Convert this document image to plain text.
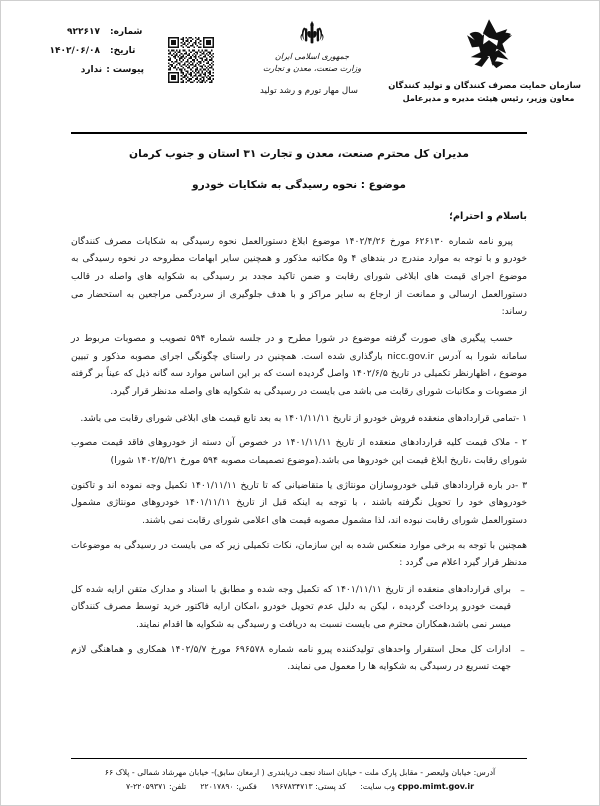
سازمان حمایت مصرف کنندگان و تولید کنندگان
معاون وزیر، رئیس هیئت مدیره و مدیرعامل
جمهوری اسلامی ایران
وزارت صنعت، معدن و تجارت
سال مهار تورم و رشد تولید
شماره:
۹۲۲۶۱۷
تاریخ:
۱۴۰۲/۰۶/۰۸
پیوست :
ندارد
مدیران کل محترم صنعت، معدن و تجارت ۳۱ استان و جنوب کرمان
موضوع : نحوه رسیدگی به شکایات خودرو
باسلام و احترام؛

پیرو نامه شماره ۶۲۶۱۳۰ مورخ ۱۴۰۲/۴/۲۶ موضوع ابلاغ دستورالعمل نحوه رسیدگی به شکایات مصرف کنندگان خودرو و با توجه به موارد مندرج در بندهای ۴ و۵ مکاتبه مذکور و همچنین سایر ابهامات مطروحه در نحوه رسیدگی به موضوع اجرای قیمت های ابلاغی شورای رقابت و ضمن تاکید مجدد بر رسیدگی به شکوایه های واصله در قالب دستورالعمل ارسالی و ممانعت از ارجاع به سایر مراکز و با هدف جلوگیری از سردرگمی مراجعین به استحضار می رساند:

حسب پیگیری های صورت گرفته موضوع در شورا مطرح و در جلسه شماره ۵۹۴ تصویب و مصوبات مربوط در سامانه شورا به آدرس nicc.gov.ir بارگذاری شده است. همچنین در راستای چگونگی اجرای مصوبه مذکور و تبیین موضوع ، اظهارنظر تکمیلی در تاریخ ۱۴۰۲/۶/۵ واصل گردیده است که بر این اساس موارد سه گانه ذیل که عیناً بر گرفته از مصوبات و مکاتبات شورای رقابت می باشد می بایست در رسیدگی به شکوایه های واصله مدنظر قرار گیرد.

۱ -تمامی قراردادهای منعقده فروش خودرو از تاریخ ۱۴۰۱/۱۱/۱۱ به بعد تابع قیمت های ابلاغی شورای رقابت می باشد.

۲ - ملاک قیمت کلیه قراردادهای منعقده از تاریخ ۱۴۰۱/۱۱/۱۱ در خصوص آن دسته از خودروهای فاقد قیمت مصوب شورای رقابت ،تاریخ ابلاغ قیمت این خودروها می باشد.(موضوع تصمیمات مصوبه ۵۹۴ مورخ ۱۴۰۲/۵/۲۱ شورا)

۳ -در باره قراردادهای قبلی خودروسازان مونتاژی یا متقاضیانی که تا تاریخ ۱۴۰۱/۱۱/۱۱ تکمیل وجه نموده اند و تاکنون خودروهای خود را تحویل نگرفته باشند ، با توجه به اینکه قبل از تاریخ ۱۴۰۱/۱۱/۱۱ خودروهای مونتاژی مشمول دستورالعمل شورای رقابت نبوده اند، لذا مشمول مصوبه قیمت های اعلامی شورای رقابت نمی باشند.

همچنین با توجه به برخی موارد منعکس شده به این سازمان، نکات تکمیلی زیر که می بایست در رسیدگی به موضوعات مدنظر قرار گیرد اعلام می گردد :

–
برای قراردادهای منعقده از تاریخ ۱۴۰۱/۱۱/۱۱ که تکمیل وجه شده و مطابق با اسناد و مدارک متقن ارایه شده کل قیمت خودرو پرداخت گردیده ، لیکن به دلیل عدم تحویل خودرو ،امکان ارایه فاکتور خرید توسط مصرف کنندگان میسر نمی باشد،همکاران محترم می بایست نسبت به دریافت و رسیدگی به شکوایه ها اقدام نمایند.
–
ادارات کل محل استقرار واحدهای تولیدکننده پیرو نامه شماره ۶۹۶۵۷۸ مورخ ۱۴۰۲/۵/۷ همکاری و هماهنگی لازم جهت تسریع در رسیدگی به شکوایه ها را معمول می نمایند.
آدرس: خیابان ولیعصر - مقابل پارک ملت - خیابان اسناد نجف دریابندری ( ارمغان سابق)- خیابان مهرشاد شمالی - پلاک ۶۶
cppo.mimt.gov.ir وب سایت:
کد پستی: ۱۹۶۷۸۳۴۷۱۳
فکس: ۲۲۰۱۷۸۹۰
تلفن: ۲۲۰۵۹۳۷۱-۷
